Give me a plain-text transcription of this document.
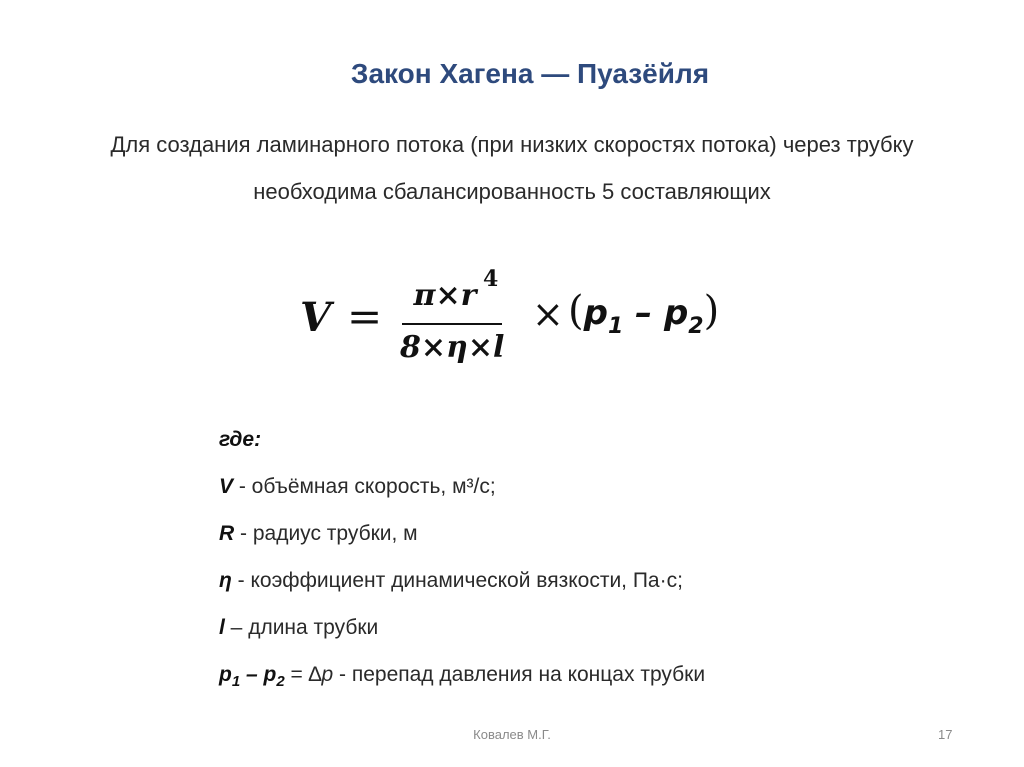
Закон Хагена — Пуазёйля
Для создания ламинарного потока (при низких скоростях потока) через трубку
необходима сбалансированность 5 составляющих
V =	π×r 4
8×η×l
× $(p_1 - p_2)$
где:
V - объёмная скорость, м³/с;
R - радиус трубки, м
η - коэффициент динамической вязкости, Па·с;
l – длина трубки
$p_1 - p_2 = \Delta p$ - перепад давления на концах трубки
Ковалев М.Г.	17
